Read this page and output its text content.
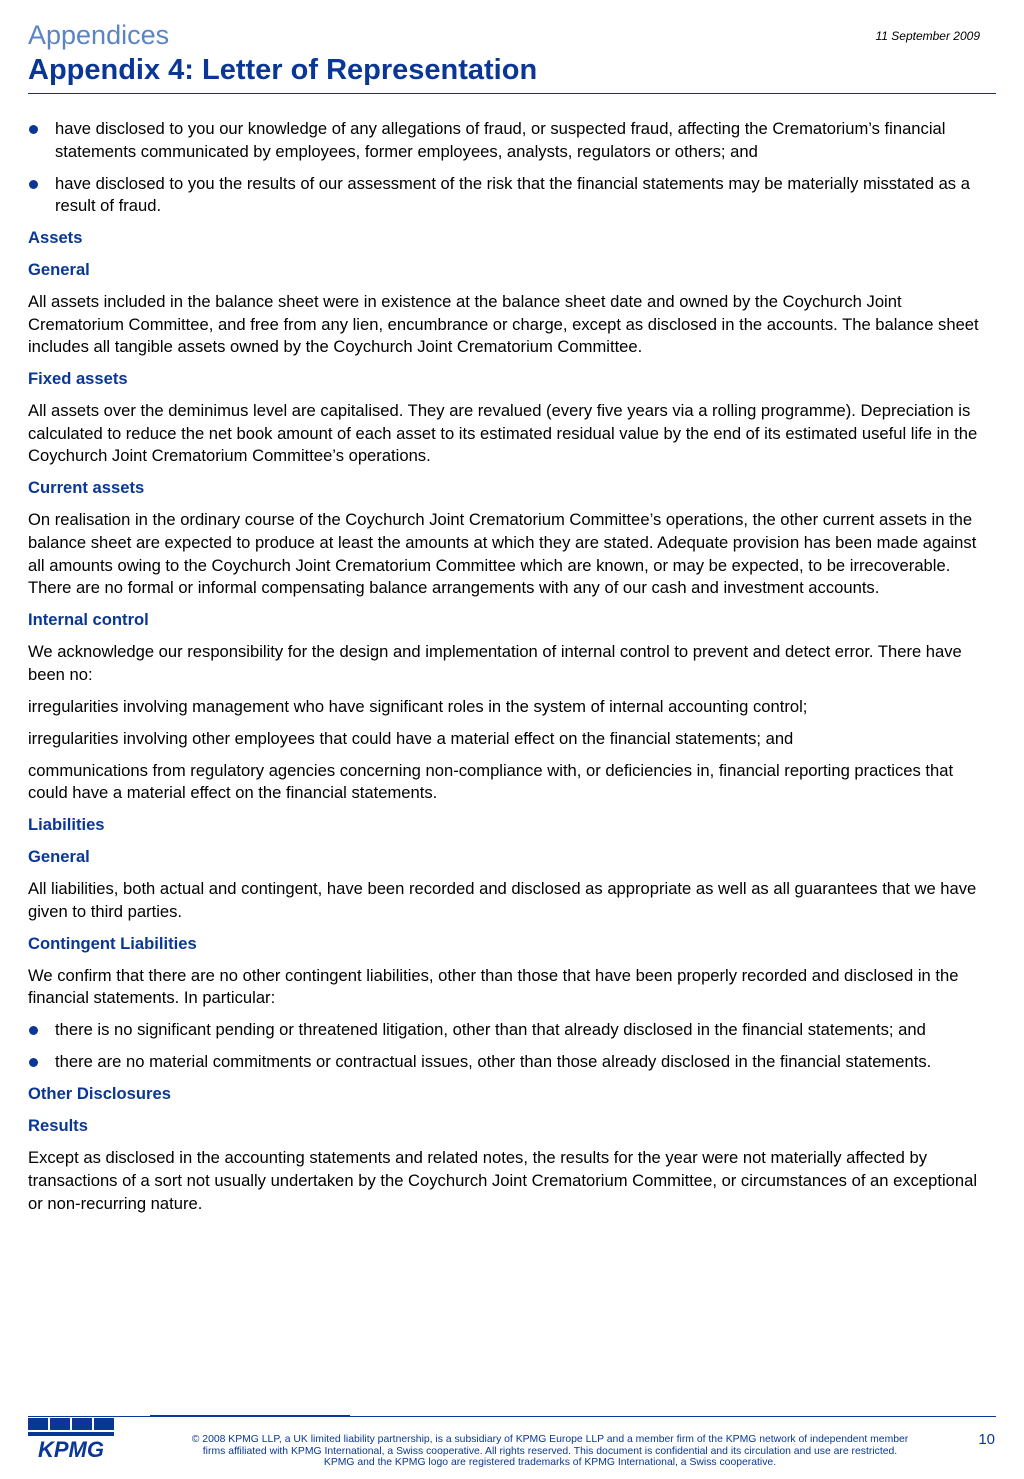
Appendices
Appendix 4: Letter of Representation
11 September 2009

have disclosed to you our knowledge of any allegations of fraud, or suspected fraud, affecting the Crematorium’s financial statements communicated by employees, former employees, analysts, regulators or others; and

have disclosed to you the results of our assessment of the risk that the financial statements may be materially misstated as a result of fraud.

Assets
General

All assets included in the balance sheet were in existence at the balance sheet date and owned by the Coychurch Joint Crematorium Committee, and free from any lien, encumbrance or charge, except as disclosed in the accounts. The balance sheet includes all tangible assets owned by the Coychurch Joint Crematorium Committee.

Fixed assets

All assets over the deminimus level are capitalised. They are revalued (every five years via a rolling programme). Depreciation is calculated to reduce the net book amount of each asset to its estimated residual value by the end of its estimated useful life in the Coychurch Joint Crematorium Committee’s operations.

Current assets

On realisation in the ordinary course of the Coychurch Joint Crematorium Committee’s operations, the other current assets in the balance sheet are expected to produce at least the amounts at which they are stated. Adequate provision has been made against all amounts owing to the Coychurch Joint Crematorium Committee which are known, or may be expected, to be irrecoverable. There are no formal or informal compensating balance arrangements with any of our cash and investment accounts.

Internal control

We acknowledge our responsibility for the design and implementation of internal control to prevent and detect error. There have been no:

irregularities involving management who have significant roles in the system of internal accounting control;

irregularities involving other employees that could have a material effect on the financial statements; and

communications from regulatory agencies concerning non-compliance with, or deficiencies in, financial reporting practices that could have a material effect on the financial statements.

Liabilities
General

All liabilities, both actual and contingent, have been recorded and disclosed as appropriate as well as all guarantees that we have given to third parties.

Contingent Liabilities

We confirm that there are no other contingent liabilities, other than those that have been properly recorded and disclosed in the financial statements. In particular:

there is no significant pending or threatened litigation, other than that already disclosed in the financial statements; and

there are no material commitments or contractual issues, other than those already disclosed in the financial statements.

Other Disclosures
Results

Except as disclosed in the accounting statements and related notes, the results for the year were not materially affected by transactions of a sort not usually undertaken by the Coychurch Joint Crematorium Committee, or circumstances of an exceptional or non-recurring nature.

KPMG	© 2008 KPMG LLP, a UK limited liability partnership, is a subsidiary of KPMG Europe LLP and a member firm of the KPMG network of independent member
firms affiliated with KPMG International, a Swiss cooperative. All rights reserved. This document is confidential and its circulation and use are restricted.
KPMG and the KPMG logo are registered trademarks of KPMG International, a Swiss cooperative.
10
